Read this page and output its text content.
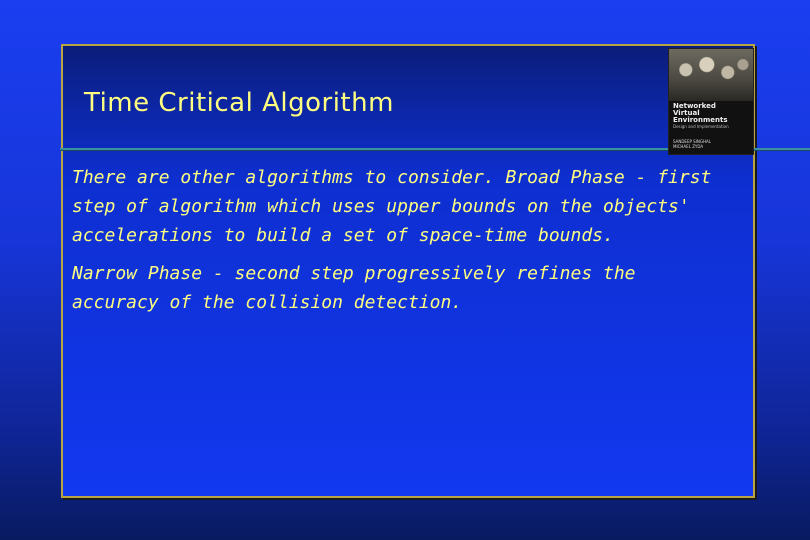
Time Critical Algorithm	Networked
Virtual
Environments
Design and Implementation
SANDEEP SINGHAL MICHAEL ZYDA

There are other algorithms to consider. Broad Phase - first step of algorithm which uses upper bounds on the objects' accelerations to build a set of space-time bounds.

Narrow Phase - second step progressively refines the accuracy of the collision detection.
